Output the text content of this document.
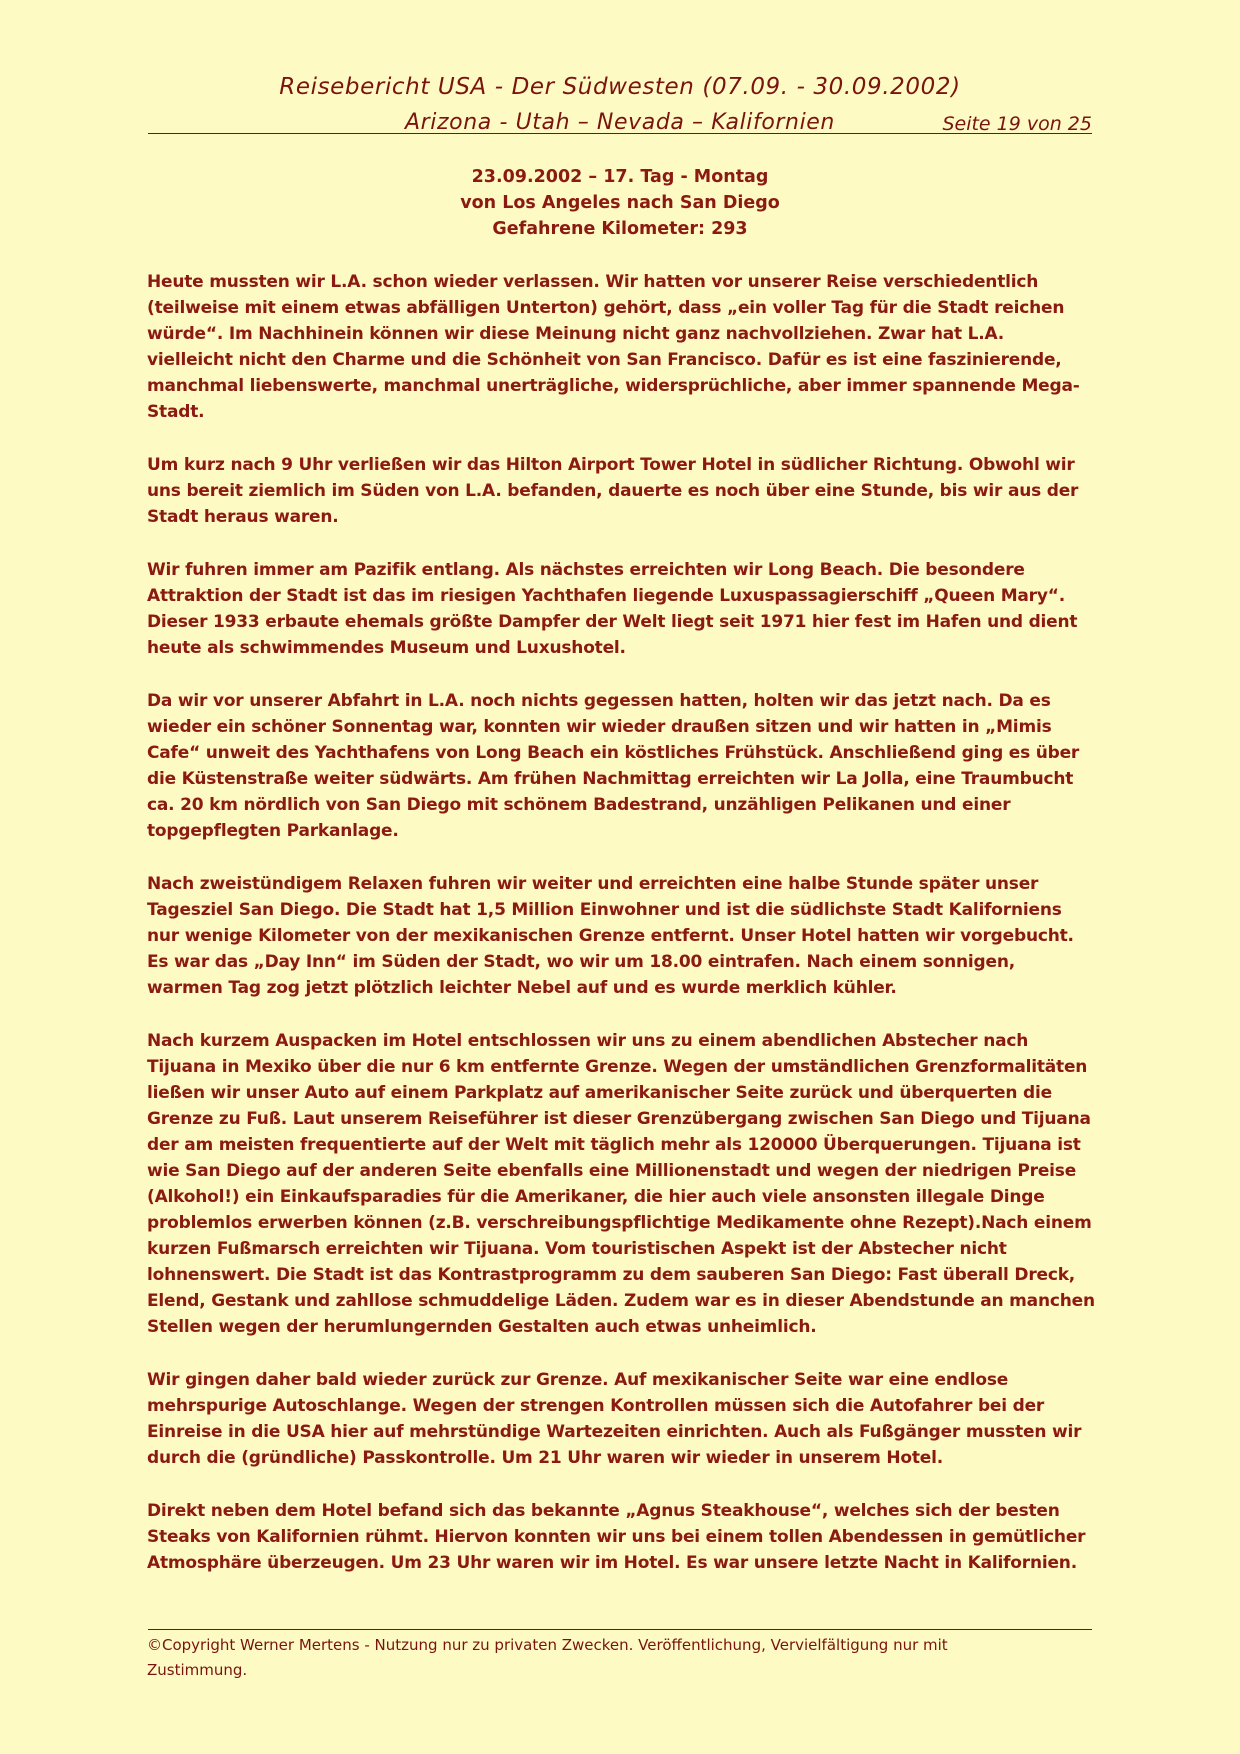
Reisebericht USA - Der Südwesten (07.09. - 30.09.2002)
Arizona - Utah – Nevada – Kalifornien	Seite 19 von 25
23.09.2002 – 17. Tag - Montag
von Los Angeles nach San Diego
Gefahrene Kilometer: 293

Heute mussten wir L.A. schon wieder verlassen. Wir hatten vor unserer Reise verschiedentlich (teilweise mit einem etwas abfälligen Unterton) gehört, dass „ein voller Tag für die Stadt reichen würde“. Im Nachhinein können wir diese Meinung nicht ganz nachvollziehen. Zwar hat L.A. vielleicht nicht den Charme und die Schönheit von San Francisco. Dafür es ist eine faszinierende, manchmal liebenswerte, manchmal unerträgliche, widersprüchliche, aber immer spannende Mega-Stadt.

Um kurz nach 9 Uhr verließen wir das Hilton Airport Tower Hotel in südlicher Richtung. Obwohl wir uns bereit ziemlich im Süden von L.A. befanden, dauerte es noch über eine Stunde, bis wir aus der Stadt heraus waren.

Wir fuhren immer am Pazifik entlang. Als nächstes erreichten wir Long Beach. Die besondere Attraktion der Stadt ist das im riesigen Yachthafen liegende Luxuspassagierschiff „Queen Mary“. Dieser 1933 erbaute ehemals größte Dampfer der Welt liegt seit 1971 hier fest im Hafen und dient heute als schwimmendes Museum und Luxushotel.

Da wir vor unserer Abfahrt in L.A. noch nichts gegessen hatten, holten wir das jetzt nach. Da es wieder ein schöner Sonnentag war, konnten wir wieder draußen sitzen und wir hatten in „Mimis Cafe“ unweit des Yachthafens von Long Beach ein köstliches Frühstück. Anschließend ging es über die Küstenstraße weiter südwärts. Am frühen Nachmittag erreichten wir La Jolla, eine Traumbucht ca. 20 km nördlich von San Diego mit schönem Badestrand, unzähligen Pelikanen und einer topgepflegten Parkanlage.

Nach zweistündigem Relaxen fuhren wir weiter und erreichten eine halbe Stunde später unser Tagesziel San Diego. Die Stadt hat 1,5 Million Einwohner und ist die südlichste Stadt Kaliforniens nur wenige Kilometer von der mexikanischen Grenze entfernt. Unser Hotel hatten wir vorgebucht. Es war das „Day Inn“ im Süden der Stadt, wo wir um 18.00 eintrafen. Nach einem sonnigen, warmen Tag zog jetzt plötzlich leichter Nebel auf und es wurde merklich kühler.

Nach kurzem Auspacken im Hotel entschlossen wir uns zu einem abendlichen Abstecher nach Tijuana in Mexiko über die nur 6 km entfernte Grenze. Wegen der umständlichen Grenzformalitäten ließen wir unser Auto auf einem Parkplatz auf amerikanischer Seite zurück und überquerten die Grenze zu Fuß. Laut unserem Reiseführer ist dieser Grenzübergang zwischen San Diego und Tijuana der am meisten frequentierte auf der Welt mit täglich mehr als 120000 Überquerungen. Tijuana ist wie San Diego auf der anderen Seite ebenfalls eine Millionenstadt und wegen der niedrigen Preise (Alkohol!) ein Einkaufsparadies für die Amerikaner, die hier auch viele ansonsten illegale Dinge problemlos erwerben können (z.B. verschreibungspflichtige Medikamente ohne Rezept).Nach einem kurzen Fußmarsch erreichten wir Tijuana. Vom touristischen Aspekt ist der Abstecher nicht lohnenswert. Die Stadt ist das Kontrastprogramm zu dem sauberen San Diego: Fast überall Dreck, Elend, Gestank und zahllose schmuddelige Läden. Zudem war es in dieser Abendstunde an manchen Stellen wegen der herumlungernden Gestalten auch etwas unheimlich.

Wir gingen daher bald wieder zurück zur Grenze. Auf mexikanischer Seite war eine endlose mehrspurige Autoschlange. Wegen der strengen Kontrollen müssen sich die Autofahrer bei der Einreise in die USA hier auf mehrstündige Wartezeiten einrichten. Auch als Fußgänger mussten wir durch die (gründliche) Passkontrolle. Um 21 Uhr waren wir wieder in unserem Hotel.

Direkt neben dem Hotel befand sich das bekannte „Agnus Steakhouse“, welches sich der besten Steaks von Kalifornien rühmt. Hiervon konnten wir uns bei einem tollen Abendessen in gemütlicher Atmosphäre überzeugen. Um 23 Uhr waren wir im Hotel. Es war unsere letzte Nacht in Kalifornien.

©Copyright Werner Mertens - Nutzung nur zu privaten Zwecken. Veröffentlichung, Vervielfältigung nur mit Zustimmung.
